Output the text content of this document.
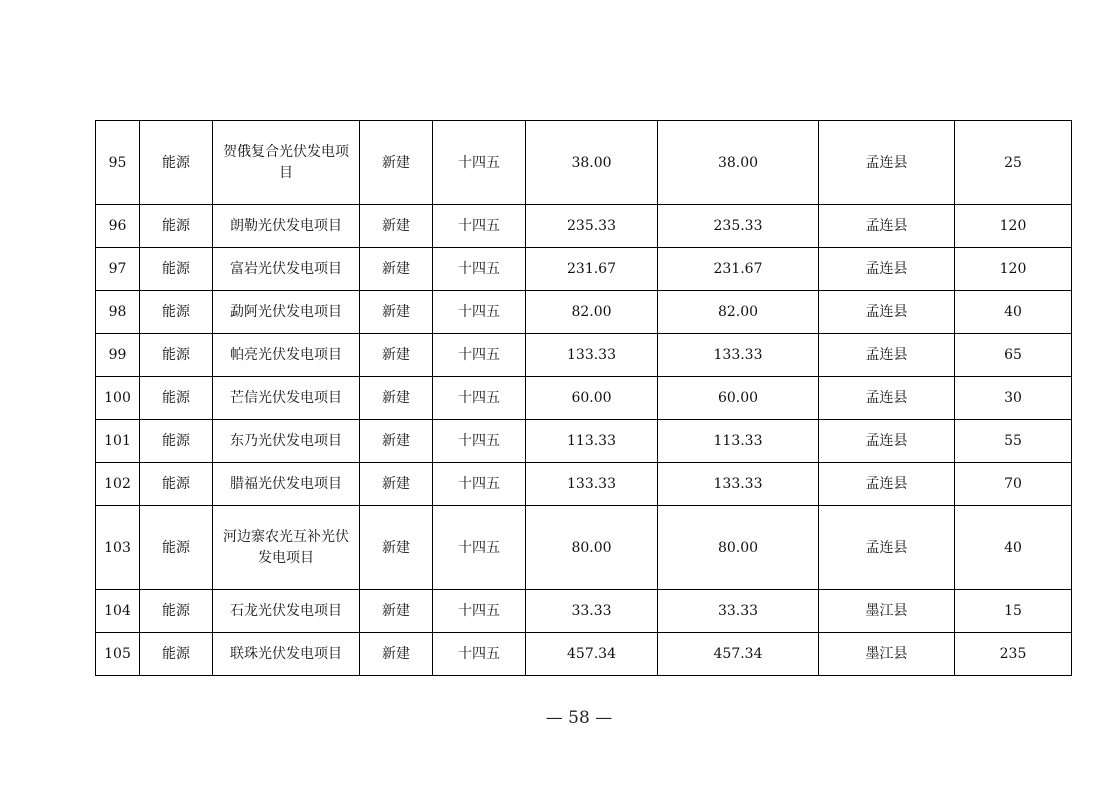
95	能源	贺俄复合光伏发电项目	新建	十四五	38.00	38.00	孟连县	25
96	能源	朗勒光伏发电项目	新建	十四五	235.33	235.33	孟连县	120
97	能源	富岩光伏发电项目	新建	十四五	231.67	231.67	孟连县	120
98	能源	勐阿光伏发电项目	新建	十四五	82.00	82.00	孟连县	40
99	能源	帕亮光伏发电项目	新建	十四五	133.33	133.33	孟连县	65
100	能源	芒信光伏发电项目	新建	十四五	60.00	60.00	孟连县	30
101	能源	东乃光伏发电项目	新建	十四五	113.33	113.33	孟连县	55
102	能源	腊福光伏发电项目	新建	十四五	133.33	133.33	孟连县	70
103	能源	河边寨农光互补光伏发电项目	新建	十四五	80.00	80.00	孟连县	40
104	能源	石龙光伏发电项目	新建	十四五	33.33	33.33	墨江县	15
105	能源	联珠光伏发电项目	新建	十四五	457.34	457.34	墨江县	235
— 58 —
